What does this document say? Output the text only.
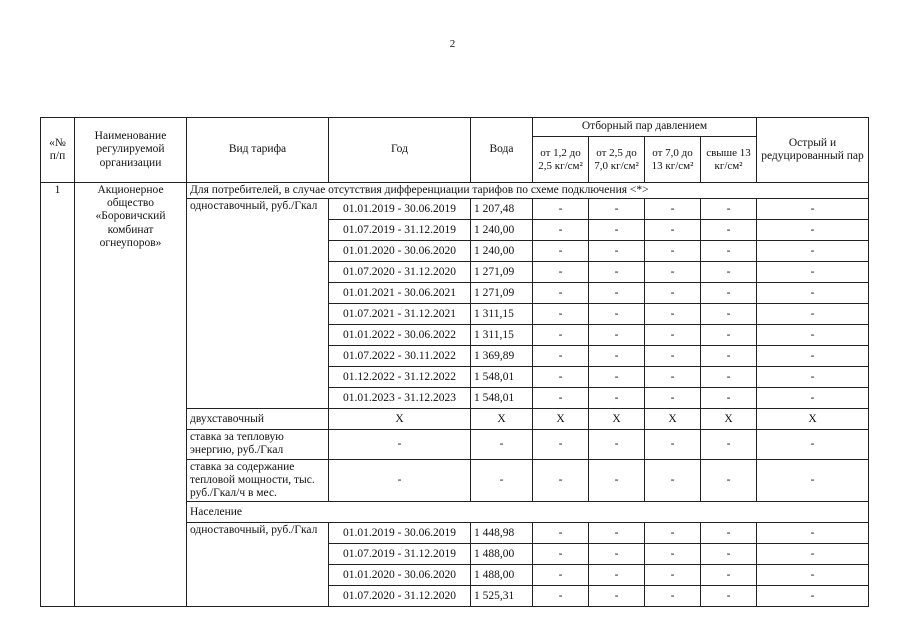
2
«№ п/п	Наименование регулируемой организации	Вид тарифа	Год	Вода	Отборный пар давлением				Острый и редуцированный пар
					от 1,2 до 2,5 кг/см²	от 2,5 до 7,0 кг/см²	от 7,0 до 13 кг/см²	свыше 13 кг/см²	
1	Акционерное общество «Боровичский комбинат огнеупоров»	Для потребителей, в случае отсутствия дифференциации тарифов по схеме подключения <*>							
		одноставочный, руб./Гкал	01.01.2019 - 30.06.2019	1 207,48	-	-	-	-	-
			01.07.2019 - 31.12.2019	1 240,00	-	-	-	-	-
			01.01.2020 - 30.06.2020	1 240,00	-	-	-	-	-
			01.07.2020 - 31.12.2020	1 271,09	-	-	-	-	-
			01.01.2021 - 30.06.2021	1 271,09	-	-	-	-	-
			01.07.2021 - 31.12.2021	1 311,15	-	-	-	-	-
			01.01.2022 - 30.06.2022	1 311,15	-	-	-	-	-
			01.07.2022 - 30.11.2022	1 369,89	-	-	-	-	-
			01.12.2022 - 31.12.2022	1 548,01	-	-	-	-	-
			01.01.2023 - 31.12.2023	1 548,01	-	-	-	-	-
		двухставочный	X	X	X	X	X	X	X
		ставка за тепловую энергию, руб./Гкал	-	-	-	-	-	-	-
		ставка за содержание тепловой мощности, тыс. руб./Гкал/ч в мес.	-	-	-	-	-	-	-
		Население							
		одноставочный, руб./Гкал	01.01.2019 - 30.06.2019	1 448,98	-	-	-	-	-
			01.07.2019 - 31.12.2019	1 488,00	-	-	-	-	-
			01.01.2020 - 30.06.2020	1 488,00	-	-	-	-	-
			01.07.2020 - 31.12.2020	1 525,31	-	-	-	-	-
